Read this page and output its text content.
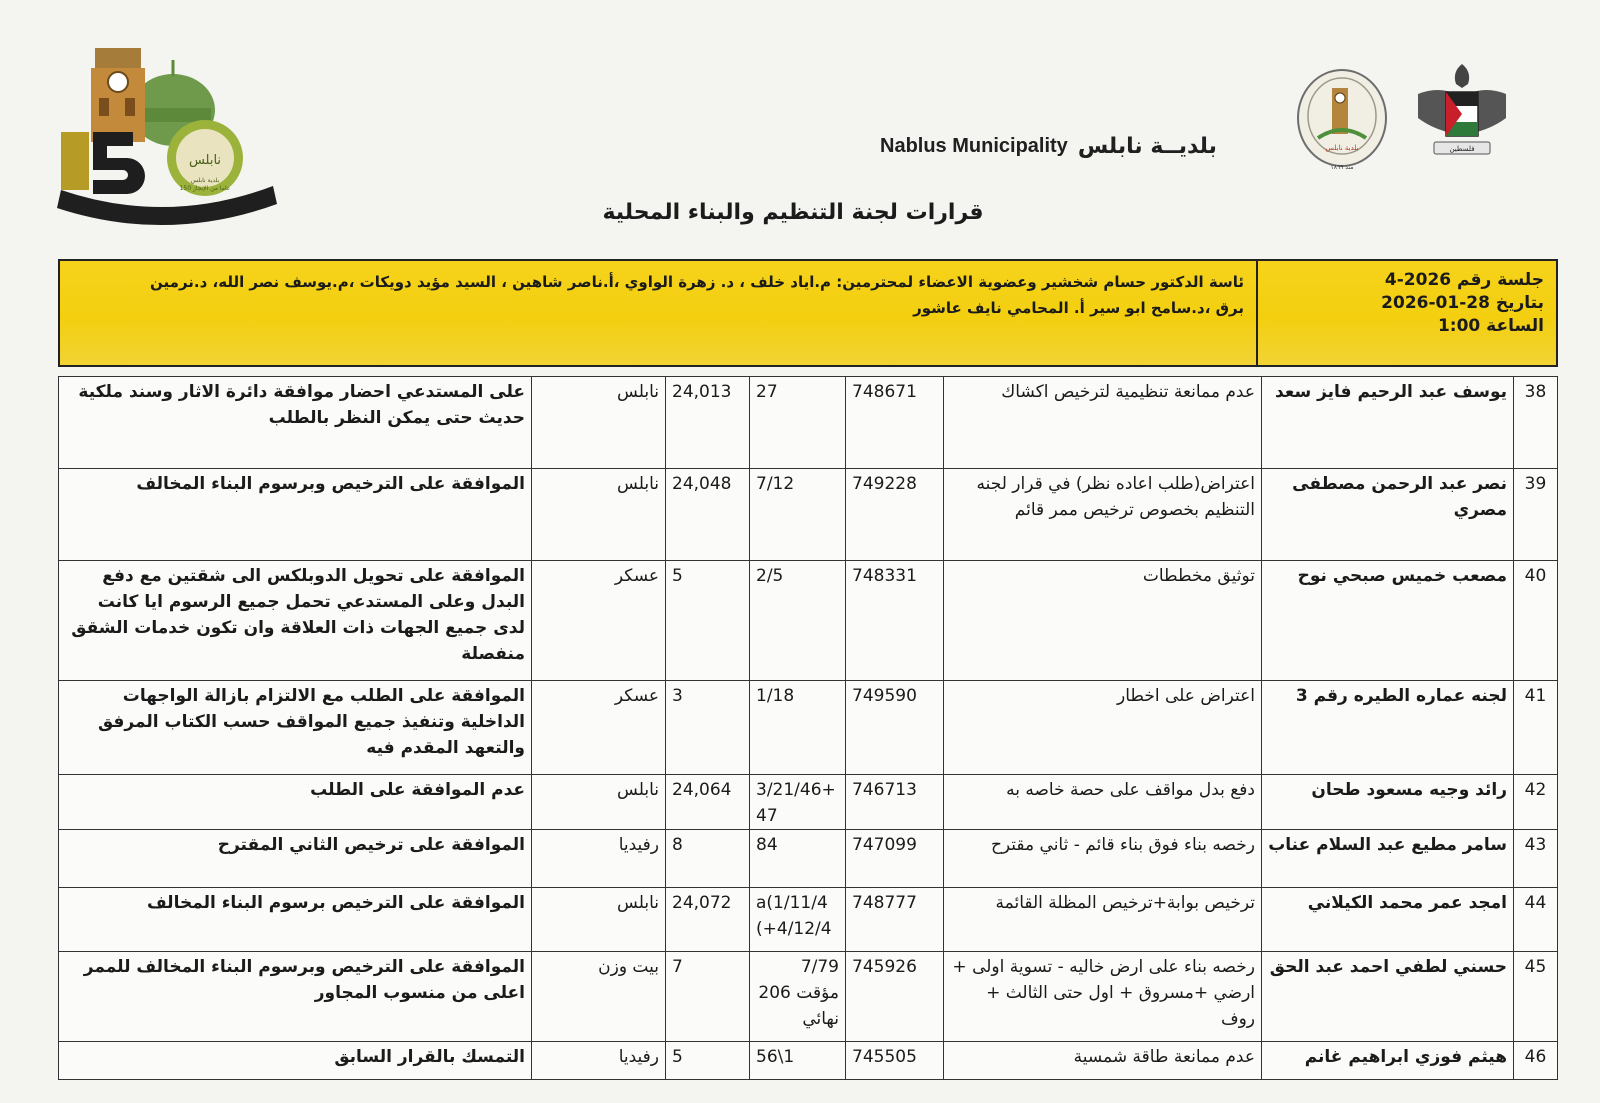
نابلس
بلدية نابلس
150 عاما من الإنجاز
Nablus Municipality بلديــة نابلس	بلدية نابلس
منذ ١٨٦٩
فلسطين
قرارات لجنة التنظيم والبناء المحلية
جلسة رقم 2026-4
بتاريخ 28-01-2026
الساعة 1:00
ئاسة الدكتور حسام شخشير وعضوية الاعضاء لمحترمين: م.اياد خلف ، د. زهرة الواوي ،أ.ناصر شاهين ، السيد مؤيد دويكات ،م.يوسف نصر الله، د.نرمين
برق ،د.سامح ابو سير أ. المحامي نايف عاشور
38	يوسف عبد الرحيم فايز سعد	عدم ممانعة تنظيمية لترخيص اكشاك	748671	27	24,013	نابلس	على المستدعي احضار موافقة دائرة الاثار وسند ملكية حديث حتى يمكن النظر بالطلب
39	نصر عبد الرحمن مصطفى مصري	اعتراض(طلب اعاده نظر) في قرار لجنه التنظيم بخصوص ترخيص ممر قائم	749228	7/12	24,048	نابلس	الموافقة على الترخيص وبرسوم البناء المخالف
40	مصعب خميس صبحي نوح	توثيق مخططات	748331	2/5	5	عسكر	الموافقة على تحويل الدوبلكس الى شقتين مع دفع البدل وعلى المستدعي تحمل جميع الرسوم ايا كانت لدى جميع الجهات ذات العلاقة وان تكون خدمات الشقق منفصلة
41	لجنه عماره الطيره رقم 3	اعتراض على اخطار	749590	1/18	3	عسكر	الموافقة على الطلب مع الالتزام بازالة الواجهات الداخلية وتنفيذ جميع المواقف حسب الكتاب المرفق والتعهد المقدم فيه
42	رائد وجيه مسعود طحان	دفع بدل مواقف على حصة خاصه به	746713	3/21/46+ 47	24,064	نابلس	عدم الموافقة على الطلب
43	سامر مطيع عبد السلام عناب	رخصه بناء فوق بناء قائم - ثاني مقترح	747099	84	8	رفيديا	الموافقة على ترخيص الثاني المقترح
44	امجد عمر محمد الكيلاني	ترخيص بوابة+ترخيص المظلة القائمة	748777	a(1/11/4 (+4/12/4	24,072	نابلس	الموافقة على الترخيص برسوم البناء المخالف
45	حسني لطفي احمد عبد الحق	رخصه بناء على ارض خاليه - تسوية اولى + ارضي +مسروق + اول حتى الثالث + روف	745926	7/79 مؤقت 206 نهائي	7	بيت وزن	الموافقة على الترخيص وبرسوم البناء المخالف للممر اعلى من منسوب المجاور
46	هيثم فوزي ابراهيم غانم	عدم ممانعة طاقة شمسية	745505	56\1	5	رفيديا	التمسك بالقرار السابق
